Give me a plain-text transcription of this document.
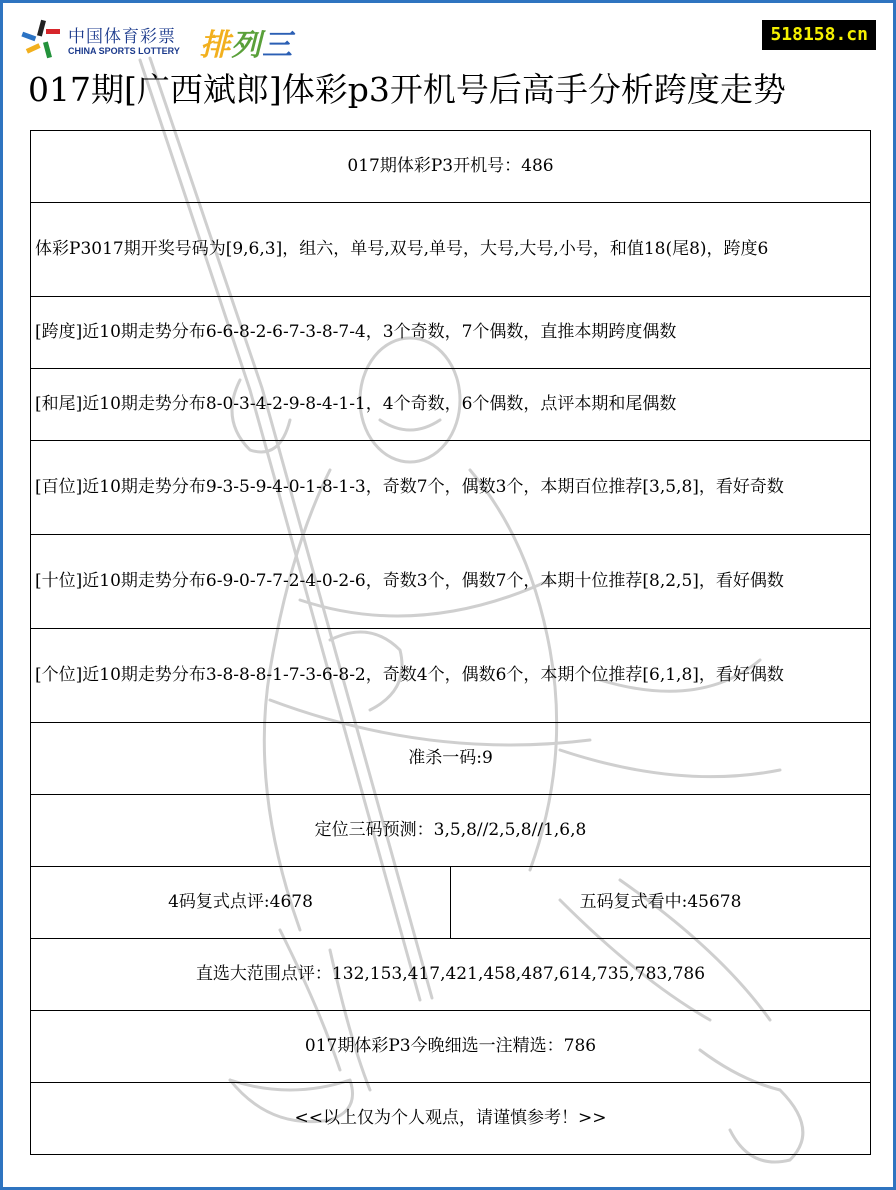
中国体育彩票
CHINA SPORTS LOTTERY 排列三	518158.cn
017期[广西斌郎]体彩p3开机号后高手分析跨度走势
017期体彩P3开机号：486
体彩P3017期开奖号码为[9,6,3]，组六，单号,双号,单号，大号,大号,小号，和值18(尾8)，跨度6
[跨度]近10期走势分布6-6-8-2-6-7-3-8-7-4，3个奇数，7个偶数，直推本期跨度偶数
[和尾]近10期走势分布8-0-3-4-2-9-8-4-1-1，4个奇数，6个偶数，点评本期和尾偶数
[百位]近10期走势分布9-3-5-9-4-0-1-8-1-3，奇数7个，偶数3个，本期百位推荐[3,5,8]，看好奇数
[十位]近10期走势分布6-9-0-7-7-2-4-0-2-6，奇数3个，偶数7个，本期十位推荐[8,2,5]，看好偶数
[个位]近10期走势分布3-8-8-8-1-7-3-6-8-2，奇数4个，偶数6个，本期个位推荐[6,1,8]，看好偶数
准杀一码:9
定位三码预测：3,5,8//2,5,8//1,6,8
4码复式点评:4678	五码复式看中:45678
直选大范围点评：132,153,417,421,458,487,614,735,783,786
017期体彩P3今晚细选一注精选：786
<<以上仅为个人观点，请谨慎参考！>>
